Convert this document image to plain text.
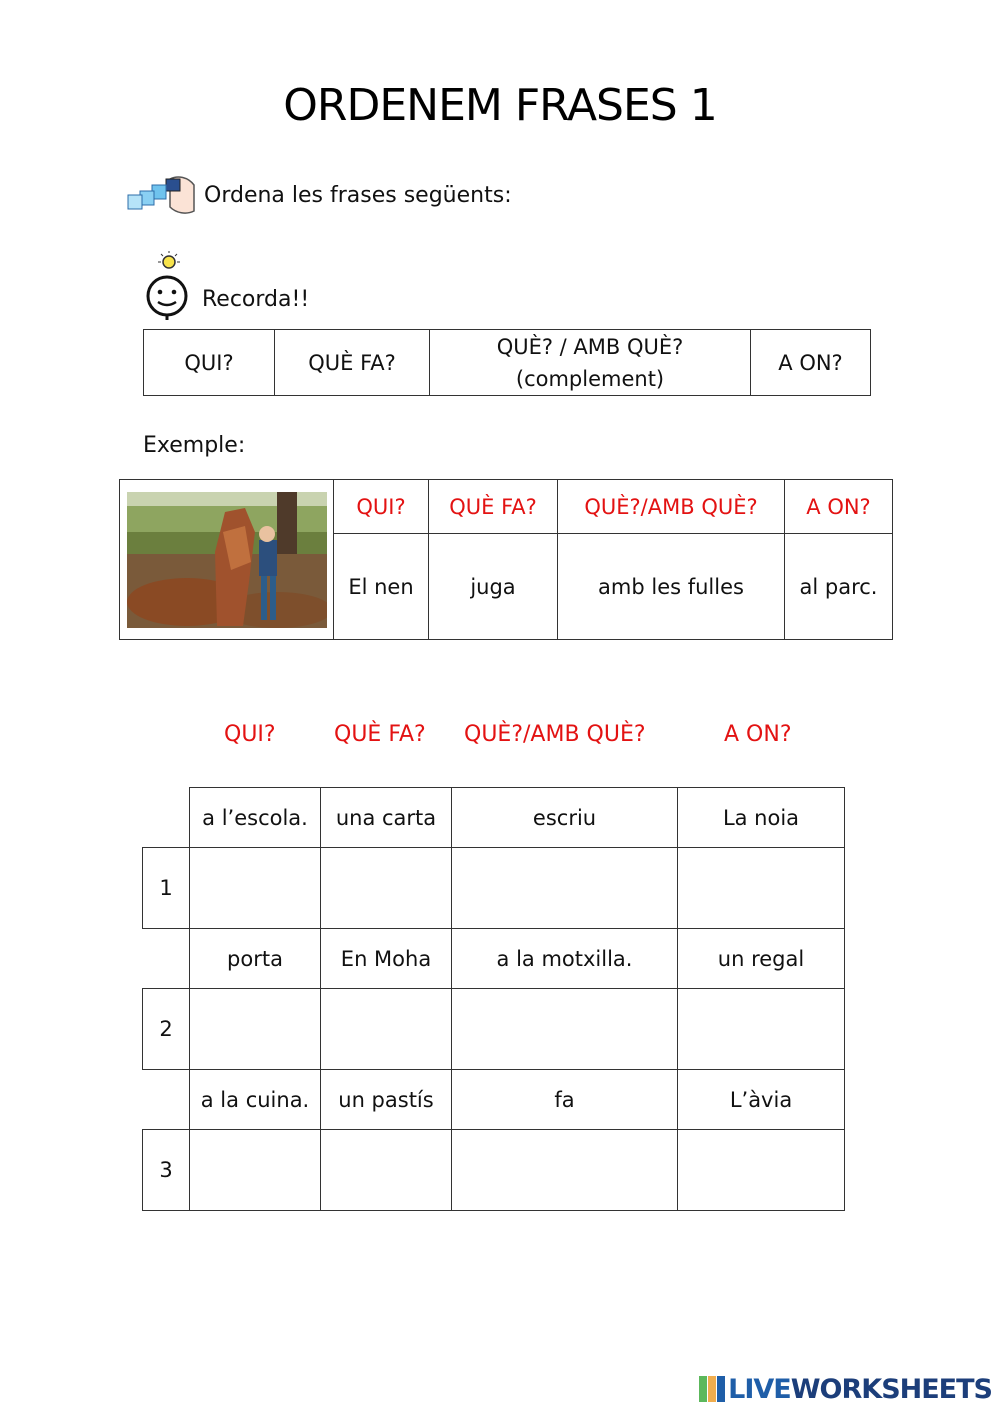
ORDENEM FRASES 1
Ordena les frases següents:
Recorda!!
QUI?	QUÈ FA?	
QUÈ? / AMB QUÈ?
(complement)
	A ON?
Exemple:
	QUI?	QUÈ FA?	QUÈ?/AMB QUÈ?	A ON?
	El nen	juga	amb les fulles	al parc.
QUI?	QUÈ FA? QUÈ?/AMB QUÈ?	A ON?
	a l’escola.	una carta	escriu	La noia
1				
	porta	En Moha	a la motxilla.	un regal
2				
	a la cuina.	un pastís	fa	L’àvia
3				
LIVE WORKSHEETS
